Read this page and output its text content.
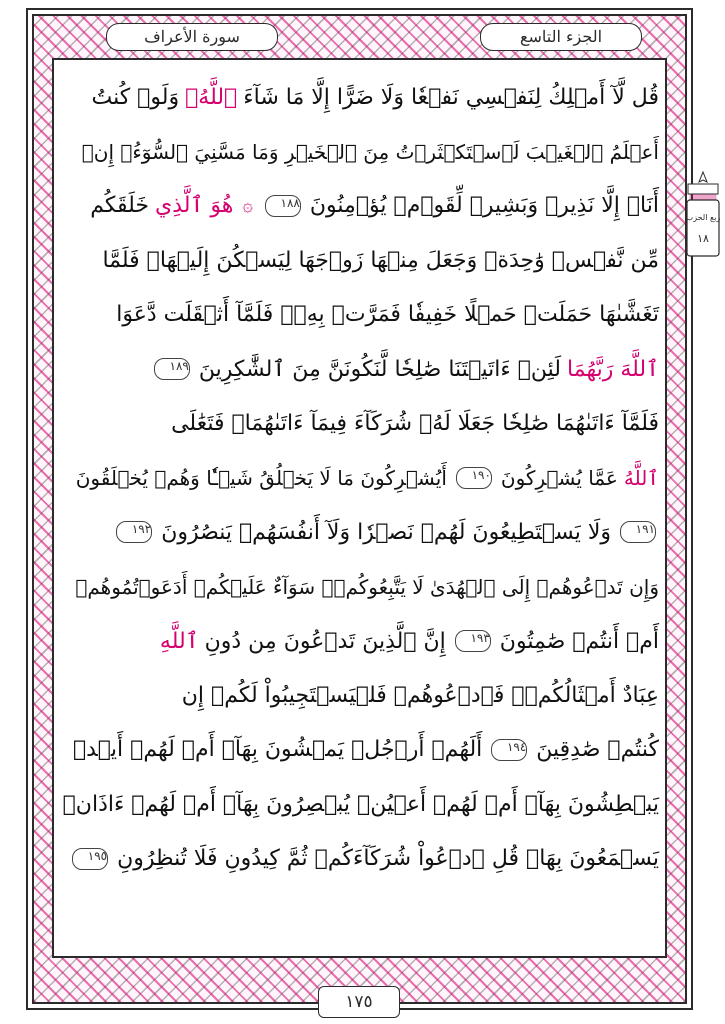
الجزء التاسع
سورة الأعراف
ربع الحزب
١٨
قُل لَّآ أَمۡلِكُ لِنَفۡسِي نَفۡعٗا وَلَا ضَرًّا إِلَّا مَا شَآءَ
ٱللَّهُۚ
وَلَوۡ كُنتُ
أَعۡلَمُ ٱلۡغَيۡبَ لَٱسۡتَكۡثَرۡتُ مِنَ ٱلۡخَيۡرِ وَمَا مَسَّنِيَ ٱلسُّوٓءُۚ إِنۡ
أَنَا۠ إِلَّا نَذِيرٞ وَبَشِيرٞ لِّقَوۡمٖ يُؤۡمِنُونَ
١٨٨
۞
هُوَ ٱلَّذِي
خَلَقَكُم
مِّن نَّفۡسٖ وَٰحِدَةٖ وَجَعَلَ مِنۡهَا زَوۡجَهَا لِيَسۡكُنَ إِلَيۡهَاۖ فَلَمَّا
تَغَشَّىٰهَا حَمَلَتۡ حَمۡلًا خَفِيفٗا فَمَرَّتۡ بِهِۦۖ فَلَمَّآ أَثۡقَلَت دَّعَوَا
ٱللَّهَ رَبَّهُمَا
لَئِنۡ ءَاتَيۡتَنَا صَٰلِحٗا لَّنَكُونَنَّ مِنَ ٱلشَّٰكِرِينَ
١٨٩
فَلَمَّآ ءَاتَىٰهُمَا صَٰلِحٗا جَعَلَا لَهُۥ شُرَكَآءَ فِيمَآ ءَاتَىٰهُمَاۚ فَتَعَٰلَى
ٱللَّهُ
عَمَّا يُشۡرِكُونَ
١٩٠
أَيُشۡرِكُونَ مَا لَا يَخۡلُقُ شَيۡـٔٗا وَهُمۡ يُخۡلَقُونَ
١٩١
وَلَا يَسۡتَطِيعُونَ لَهُمۡ نَصۡرٗا وَلَآ أَنفُسَهُمۡ يَنصُرُونَ
١٩٢
وَإِن تَدۡعُوهُمۡ إِلَى ٱلۡهُدَىٰ لَا يَتَّبِعُوكُمۡۚ سَوَآءٌ عَلَيۡكُمۡ أَدَعَوۡتُمُوهُمۡ
أَمۡ أَنتُمۡ صَٰمِتُونَ
١٩٣
إِنَّ ٱلَّذِينَ تَدۡعُونَ مِن دُونِ
ٱللَّهِ
عِبَادٌ أَمۡثَالُكُمۡۖ فَٱدۡعُوهُمۡ فَلۡيَسۡتَجِيبُواْ لَكُمۡ إِن
كُنتُمۡ صَٰدِقِينَ
١٩٤
أَلَهُمۡ أَرۡجُلٞ يَمۡشُونَ بِهَآۖ أَمۡ لَهُمۡ أَيۡدٖ
يَبۡطِشُونَ بِهَآۖ أَمۡ لَهُمۡ أَعۡيُنٞ يُبۡصِرُونَ بِهَآۖ أَمۡ لَهُمۡ ءَاذَانٞ
يَسۡمَعُونَ بِهَاۗ قُلِ ٱدۡعُواْ شُرَكَآءَكُمۡ ثُمَّ كِيدُونِ فَلَا تُنظِرُونِ
١٩٥
١٧٥
